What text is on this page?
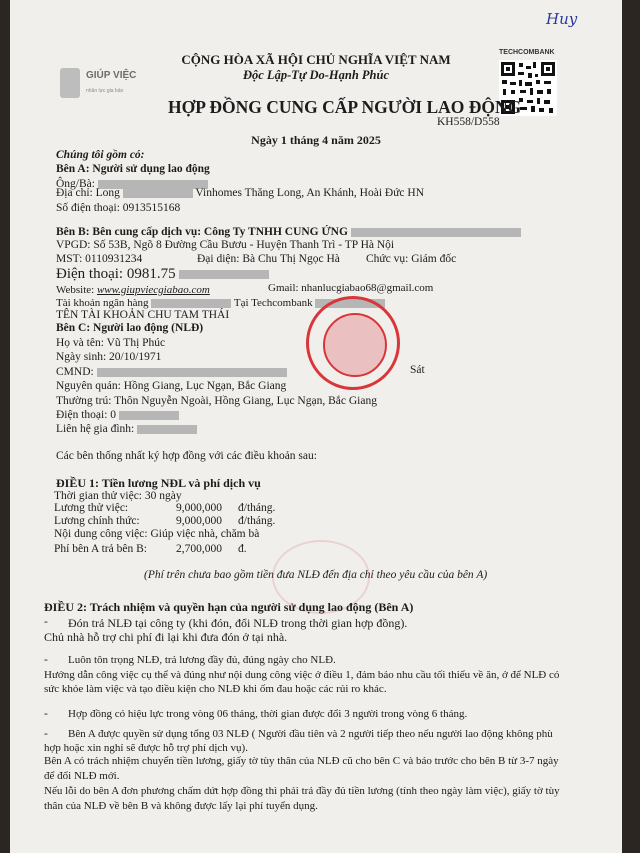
Huy
GIÚP VIỆC
nhân lực gia bảo
TECHCOMBANK
CỘNG HÒA XÃ HỘI CHỦ NGHĨA VIỆT NAM
Độc Lập-Tự Do-Hạnh Phúc
HỢP ĐỒNG CUNG CẤP NGƯỜI LAO ĐỘNG
KH558/D558
Ngày 1 tháng 4 năm 2025
Chúng tôi gồm có:
Bên A: Người sử dụng lao động
Ông/Bà:
Địa chỉ: Long	Vinhomes Thăng Long, An Khánh, Hoài Đức HN
Số điện thoại: 0913515168
Bên B: Bên cung cấp dịch vụ: Công Ty TNHH CUNG ỨNG
VPGD: Số 53B, Ngõ 8 Đường Cầu Bươu - Huyện Thanh Trì - TP Hà Nội
MST: 0110931234	Đại diện: Bà Chu Thị Ngọc Hà Chức vụ: Giám đốc
Điện thoại: 0981.75
Website: www.giupviecgiabao.com	Gmail: nhanlucgiabao68@gmail.com
Tài khoản ngân hàng	Tại Techcombank
TÊN TÀI KHOẢN CHU TAM THÁI
Bên C: Người lao động (NLĐ)
Họ và tên: Vũ Thị Phúc
Ngày sinh: 20/10/1971
CMND:	Sát
Nguyên quán: Hồng Giang, Lục Ngạn, Bắc Giang
Thường trú: Thôn Nguyễn Ngoài, Hồng Giang, Lục Ngạn, Bắc Giang
Điện thoại: 0
Liên hệ gia đình:
Các bên thống nhất ký hợp đồng với các điều khoản sau:
ĐIỀU 1: Tiền lương NĐL và phí dịch vụ
Thời gian thử việc: 30 ngày
Lương thử việc:	9,000,000 đ/tháng.
Lương chính thức:	9,000,000 đ/tháng.
Nội dung công việc: Giúp việc nhà, chăm bà
Phí bên A trả bên B:	2,700,000 đ.
(Phí trên chưa bao gồm tiền đưa NLĐ đến địa chỉ theo yêu cầu của bên A)
ĐIỀU 2: Trách nhiệm và quyền hạn của người sử dụng lao động (Bên A)
- Đón trả NLĐ tại công ty (khi đón, đổi NLĐ trong thời gian hợp đồng).
Chủ nhà hỗ trợ chi phí đi lại khi đưa đón ở tại nhà.
- Luôn tôn trọng NLĐ, trả lương đầy đủ, đúng ngày cho NLĐ.
Hướng dẫn công việc cụ thể và đúng như nội dung công việc ở điều 1, đảm bảo nhu cầu tối thiểu về ăn, ở để NLĐ có
sức khỏe làm việc và tạo điều kiện cho NLĐ khi ốm đau hoặc các rủi ro khác.
- Hợp đồng có hiệu lực trong vòng 06 tháng, thời gian được đổi 3 người trong vòng 6 tháng.
- Bên A được quyền sử dụng tổng 03 NLĐ ( Người đầu tiên và 2 người tiếp theo nếu người lao động không phù
hợp hoặc xin nghỉ sẽ được hỗ trợ phí dịch vụ).
Bên A có trách nhiệm chuyển tiền lương, giấy tờ tùy thân của NLĐ cũ cho bên C và báo trước cho bên B từ 3-7 ngày
để đổi NLĐ mới.
Nếu lỗi do bên A đơn phương chấm dứt hợp đồng thì phải trả đầy đủ tiền lương (tính theo ngày làm việc), giấy tờ tùy
thân của NLĐ về bên B và không được lấy lại phí tuyển dụng.
